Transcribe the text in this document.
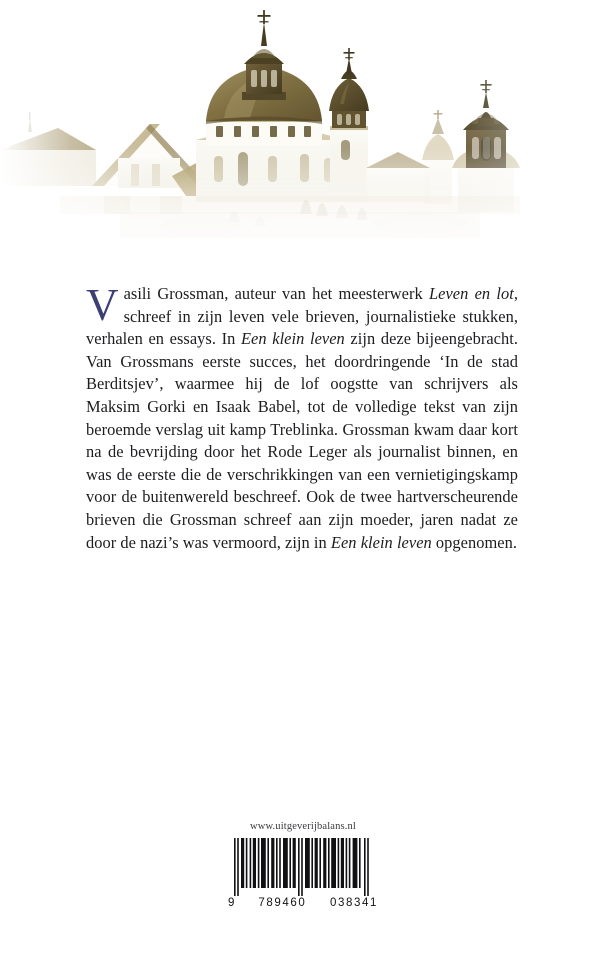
Vasili Grossman, auteur van het meesterwerk Leven en lot, schreef in zijn leven vele brieven, journalistieke stukken, verhalen en essays. In Een klein leven zijn deze bijeengebracht. Van Grossmans eerste succes, het doordringende ‘In de stad Berditsjev’, waarmee hij de lof oogstte van schrijvers als Maksim Gorki en Isaak Babel, tot de volledige tekst van zijn beroemde verslag uit kamp Treblinka. Grossman kwam daar kort na de bevrijding door het Rode Leger als journalist binnen, en was de eerste die de verschrikkingen van een vernietigingskamp voor de buitenwereld beschreef. Ook de twee hartverscheurende brieven die Grossman schreef aan zijn moeder, jaren nadat ze door de nazi’s was vermoord, zijn in Een klein leven opgenomen.

www.uitgeverijbalans.nl
9 789460 038341
